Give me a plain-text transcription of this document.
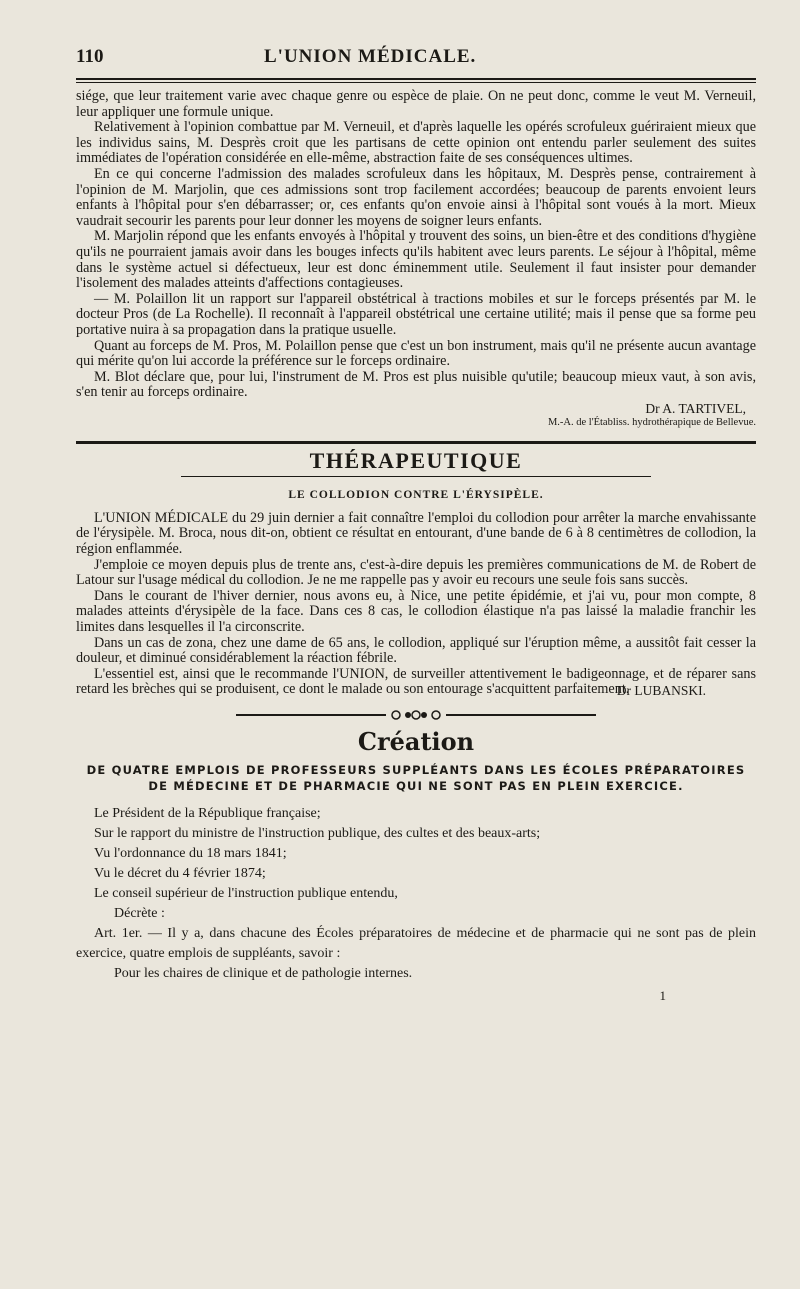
110	L'UNION MÉDICALE.

siége, que leur traitement varie avec chaque genre ou espèce de plaie. On ne peut donc, comme le veut M. Verneuil, leur appliquer une formule unique.

Relativement à l'opinion combattue par M. Verneuil, et d'après laquelle les opérés scrofuleux guériraient mieux que les individus sains, M. Desprès croit que les partisans de cette opinion ont entendu parler seulement des suites immédiates de l'opération considérée en elle-même, abstraction faite de ses conséquences ultimes.

En ce qui concerne l'admission des malades scrofuleux dans les hôpitaux, M. Desprès pense, contrairement à l'opinion de M. Marjolin, que ces admissions sont trop facilement accordées; beaucoup de parents envoient leurs enfants à l'hôpital pour s'en débarrasser; or, ces enfants qu'on envoie ainsi à l'hôpital sont voués à la mort. Mieux vaudrait secourir les parents pour leur donner les moyens de soigner leurs enfants.

M. Marjolin répond que les enfants envoyés à l'hôpital y trouvent des soins, un bien-être et des conditions d'hygiène qu'ils ne pourraient jamais avoir dans les bouges infects qu'ils habitent avec leurs parents. Le séjour à l'hôpital, même dans le système actuel si défectueux, leur est donc éminemment utile. Seulement il faut insister pour demander l'isolement des malades atteints d'affections contagieuses.

— M. Polaillon lit un rapport sur l'appareil obstétrical à tractions mobiles et sur le forceps présentés par M. le docteur Pros (de La Rochelle). Il reconnaît à l'appareil obstétrical une certaine utilité; mais il pense que sa forme peu portative nuira à sa propagation dans la pratique usuelle.

Quant au forceps de M. Pros, M. Polaillon pense que c'est un bon instrument, mais qu'il ne présente aucun avantage qui mérite qu'on lui accorde la préférence sur le forceps ordinaire.

M. Blot déclare que, pour lui, l'instrument de M. Pros est plus nuisible qu'utile; beaucoup mieux vaut, à son avis, s'en tenir au forceps ordinaire.

Dr A. TARTIVEL,
M.-A. de l'Établiss. hydrothérapique de Bellevue.
THÉRAPEUTIQUE
LE COLLODION CONTRE L'ÉRYSIPÈLE.

L'UNION MÉDICALE du 29 juin dernier a fait connaître l'emploi du collodion pour arrêter la marche envahissante de l'érysipèle. M. Broca, nous dit-on, obtient ce résultat en entourant, d'une bande de 6 à 8 centimètres de collodion, la région enflammée.

J'emploie ce moyen depuis plus de trente ans, c'est-à-dire depuis les premières communications de M. de Robert de Latour sur l'usage médical du collodion. Je ne me rappelle pas y avoir eu recours une seule fois sans succès.

Dans le courant de l'hiver dernier, nous avons eu, à Nice, une petite épidémie, et j'ai vu, pour mon compte, 8 malades atteints d'érysipèle de la face. Dans ces 8 cas, le collodion élastique n'a pas laissé la maladie franchir les limites dans lesquelles il l'a circonscrite.

Dans un cas de zona, chez une dame de 65 ans, le collodion, appliqué sur l'éruption même, a aussitôt fait cesser la douleur, et diminué considérablement la réaction fébrile.

L'essentiel est, ainsi que le recommande l'UNION, de surveiller attentivement le badigeonnage, et de réparer sans retard les brèches qui se produisent, ce dont le malade ou son entourage s'acquittent parfaitement.

Dr LUBANSKI.
Création
DE QUATRE EMPLOIS DE PROFESSEURS SUPPLÉANTS DANS LES ÉCOLES PRÉPARATOIRES
DE MÉDECINE ET DE PHARMACIE QUI NE SONT PAS EN PLEIN EXERCICE.

Le Président de la République française;

Sur le rapport du ministre de l'instruction publique, des cultes et des beaux-arts;

Vu l'ordonnance du 18 mars 1841;

Vu le décret du 4 février 1874;

Le conseil supérieur de l'instruction publique entendu,

Décrète :

Art. 1er. — Il y a, dans chacune des Écoles préparatoires de médecine et de pharmacie qui ne sont pas de plein exercice, quatre emplois de suppléants, savoir :

Pour les chaires de clinique et de pathologie internes.

1
